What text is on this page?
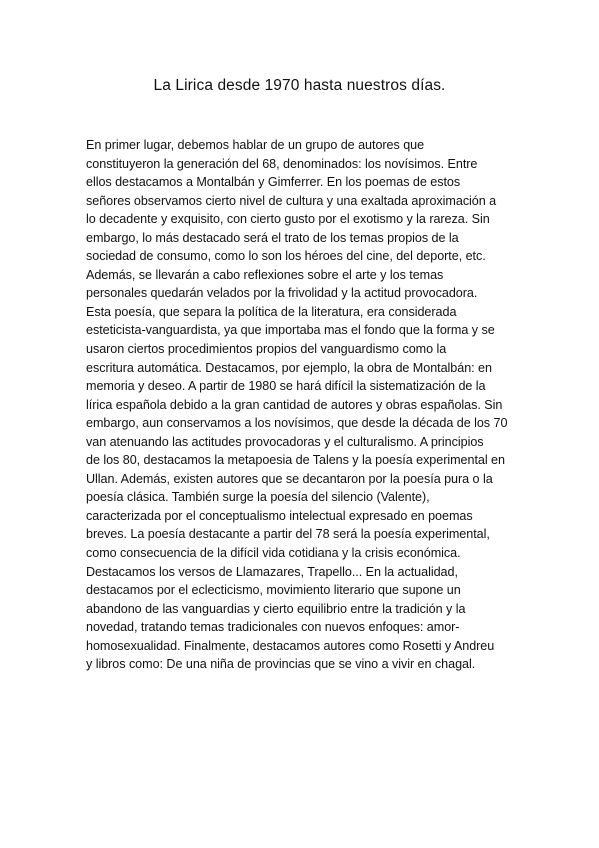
La Lirica desde 1970 hasta nuestros días.
En primer lugar, debemos hablar de un grupo de autores que
constituyeron la generación del 68, denominados: los novísimos. Entre
ellos destacamos a Montalbán y Gimferrer. En los poemas de estos
señores observamos cierto nivel de cultura y una exaltada aproximación a
lo decadente y exquisito, con cierto gusto por el exotismo y la rareza. Sin
embargo, lo más destacado será el trato de los temas propios de la
sociedad de consumo, como lo son los héroes del cine, del deporte, etc.
Además, se llevarán a cabo reflexiones sobre el arte y los temas
personales quedarán velados por la frivolidad y la actitud provocadora.
Esta poesía, que separa la política de la literatura, era considerada
esteticista-vanguardista, ya que importaba mas el fondo que la forma y se
usaron ciertos procedimientos propios del vanguardismo como la
escritura automática. Destacamos, por ejemplo, la obra de Montalbán: en
memoria y deseo. A partir de 1980 se hará difícil la sistematización de la
lírica española debido a la gran cantidad de autores y obras españolas. Sin
embargo, aun conservamos a los novísimos, que desde la década de los 70
van atenuando las actitudes provocadoras y el culturalismo. A principios
de los 80, destacamos la metapoesia de Talens y la poesía experimental en
Ullan. Además, existen autores que se decantaron por la poesía pura o la
poesía clásica. También surge la poesía del silencio (Valente),
caracterizada por el conceptualismo intelectual expresado en poemas
breves. La poesía destacante a partir del 78 será la poesía experimental,
como consecuencia de la difícil vida cotidiana y la crisis económica.
Destacamos los versos de Llamazares, Trapello... En la actualidad,
destacamos por el eclecticismo, movimiento literario que supone un
abandono de las vanguardias y cierto equilibrio entre la tradición y la
novedad, tratando temas tradicionales con nuevos enfoques: amor-
homosexualidad. Finalmente, destacamos autores como Rosetti y Andreu
y libros como: De una niña de provincias que se vino a vivir en chagal.
